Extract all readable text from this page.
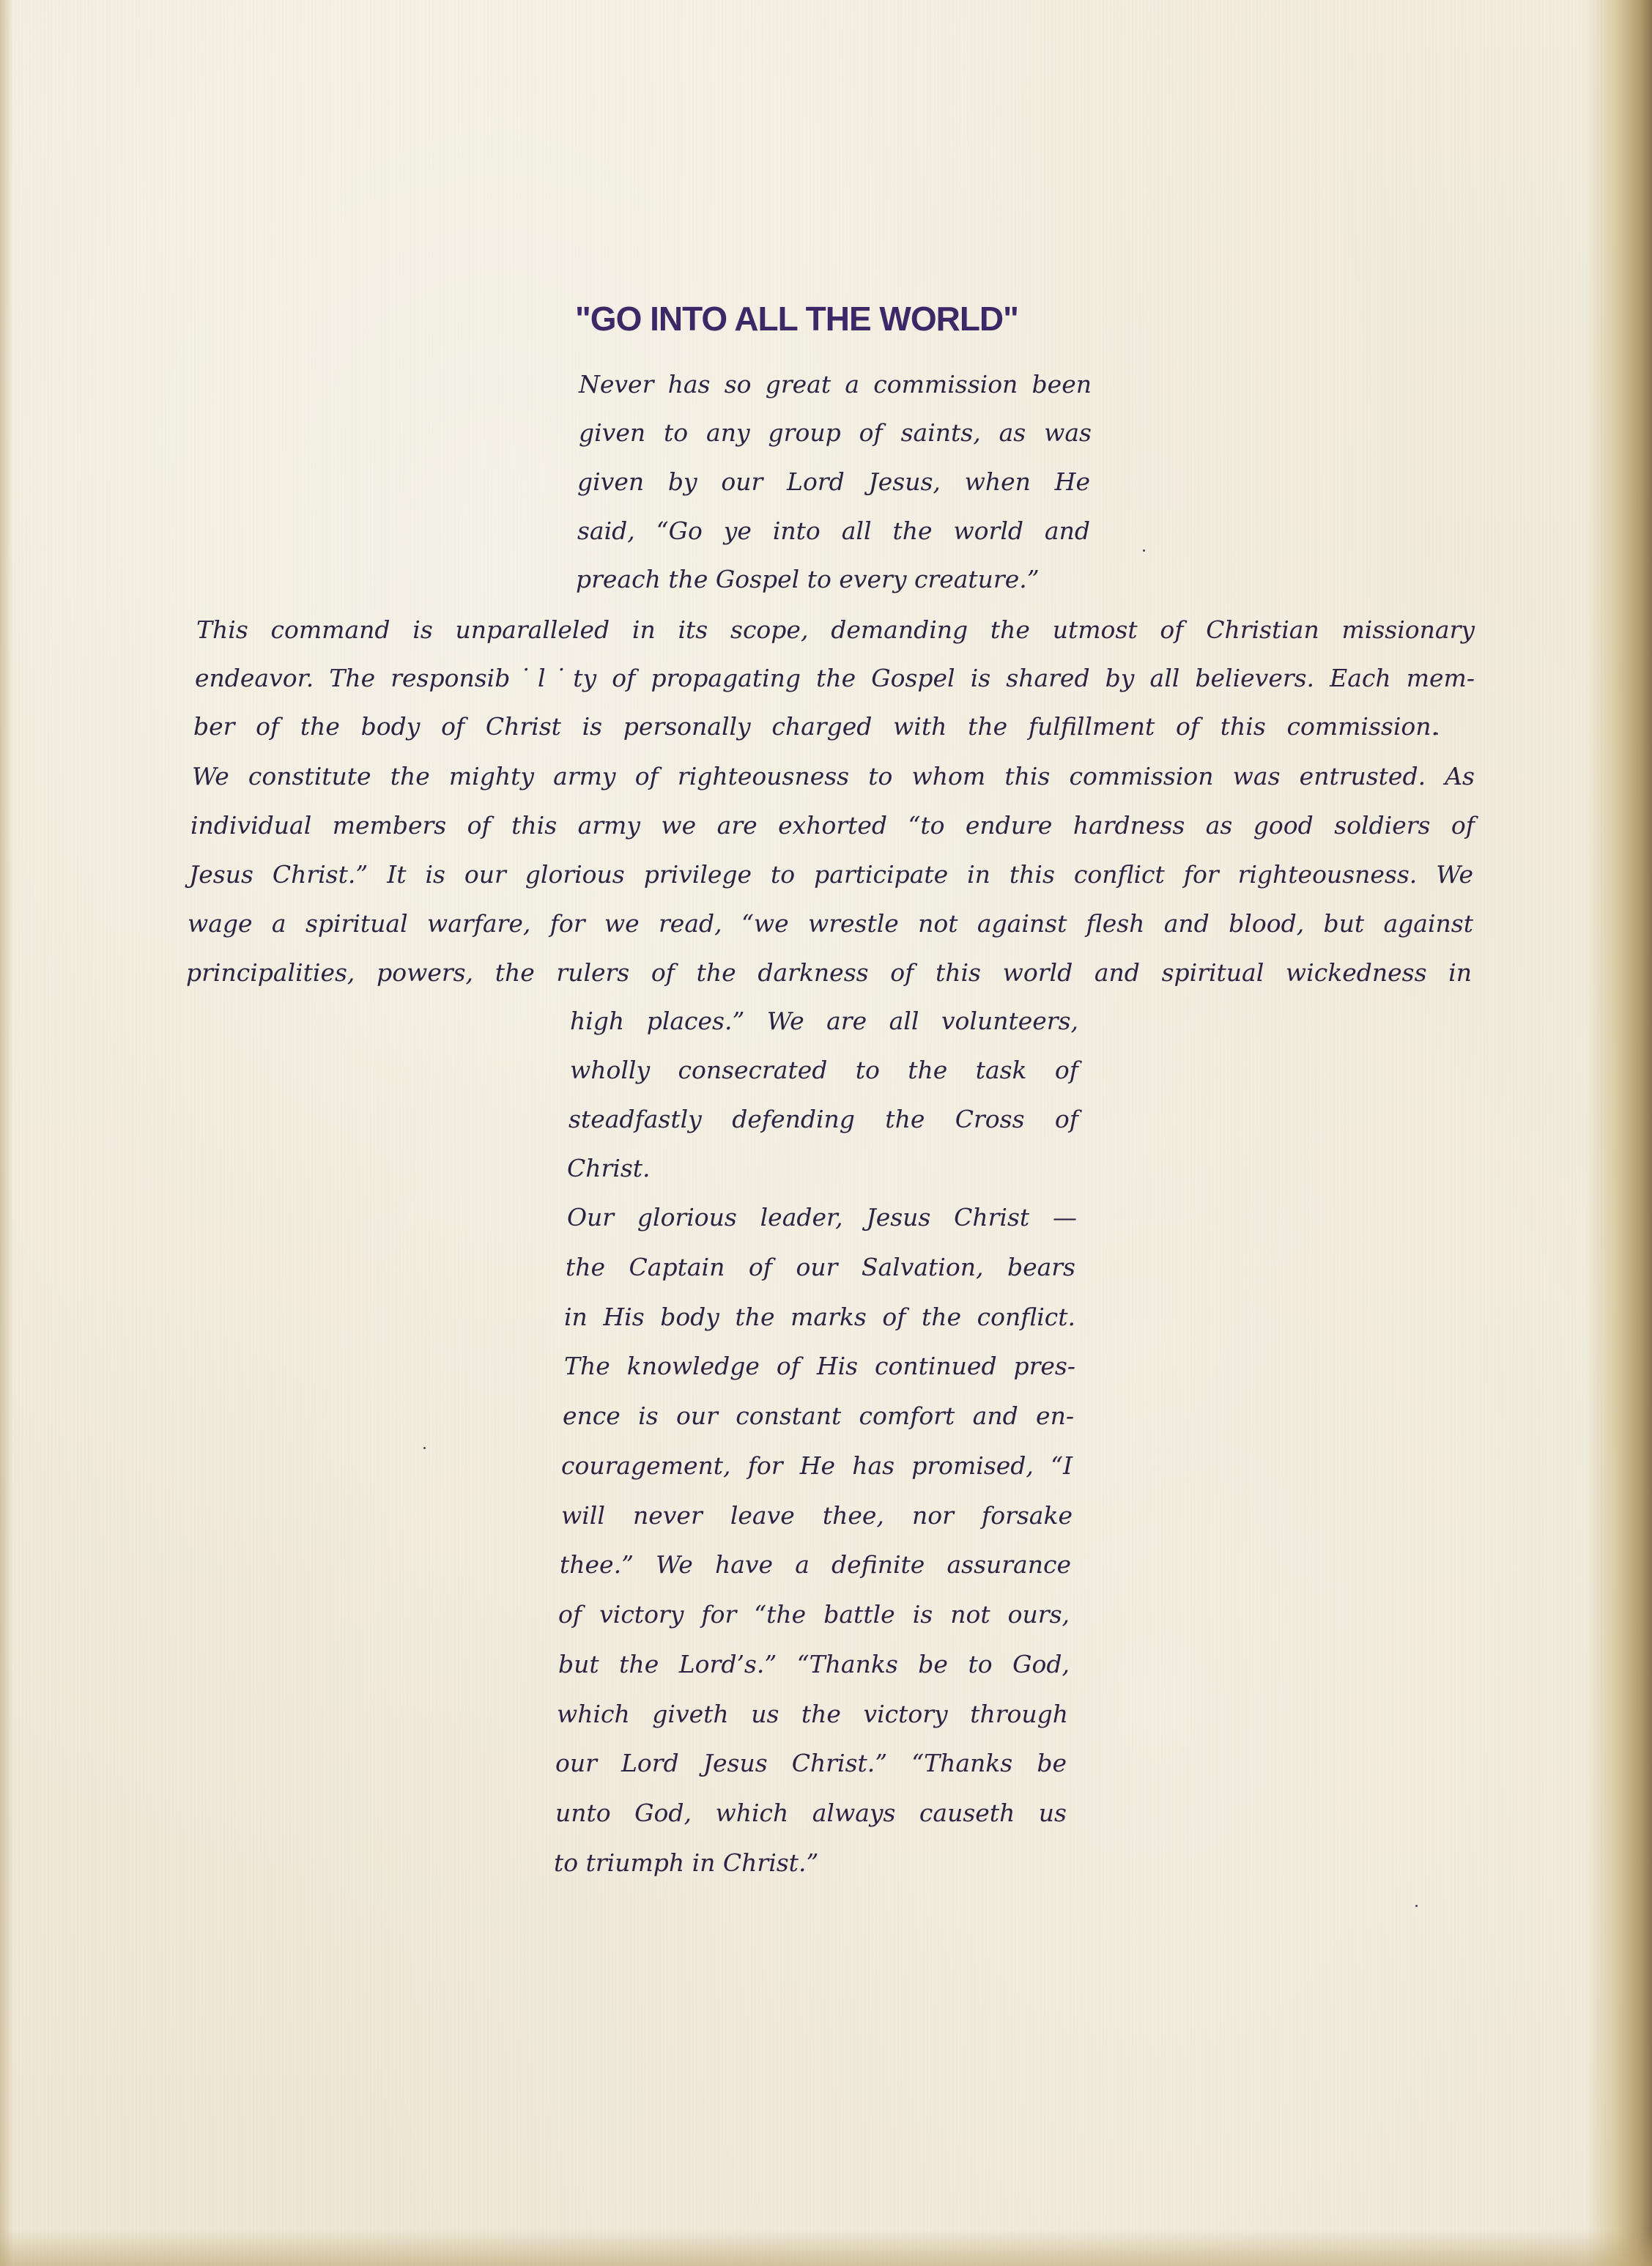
"GO INTO ALL THE WORLD"
Never has so great a commission been
given to any group of saints, as was
given by our Lord Jesus, when He
said, “Go ye into all the world and
preach the Gospel to every creature.”
This command is unparalleled in its scope, demanding the utmost of Christian missionary
endeavor. The responsib˙l˙ty of propagating the Gospel is shared by all believers. Each mem-
ber of the body of Christ is personally charged with the fulfillment of this commission.
We constitute the mighty army of righteousness to whom this commission was entrusted. As
individual members of this army we are exhorted “to endure hardness as good soldiers of
Jesus Christ.” It is our glorious privilege to participate in this conflict for righteousness. We
wage a spiritual warfare, for we read, “we wrestle not against flesh and blood, but against
principalities, powers, the rulers of the darkness of this world and spiritual wickedness in
high places.” We are all volunteers,
wholly consecrated to the task of
steadfastly defending the Cross of
Christ.
Our glorious leader, Jesus Christ —
the Captain of our Salvation, bears
in His body the marks of the conflict.
The knowledge of His continued pres-
ence is our constant comfort and en-
couragement, for He has promised, “I
will never leave thee, nor forsake
thee.” We have a definite assurance
of victory for “the battle is not ours,
but the Lord’s.” “Thanks be to God,
which giveth us the victory through
our Lord Jesus Christ.” “Thanks be
unto God, which always causeth us
to triumph in Christ.”
